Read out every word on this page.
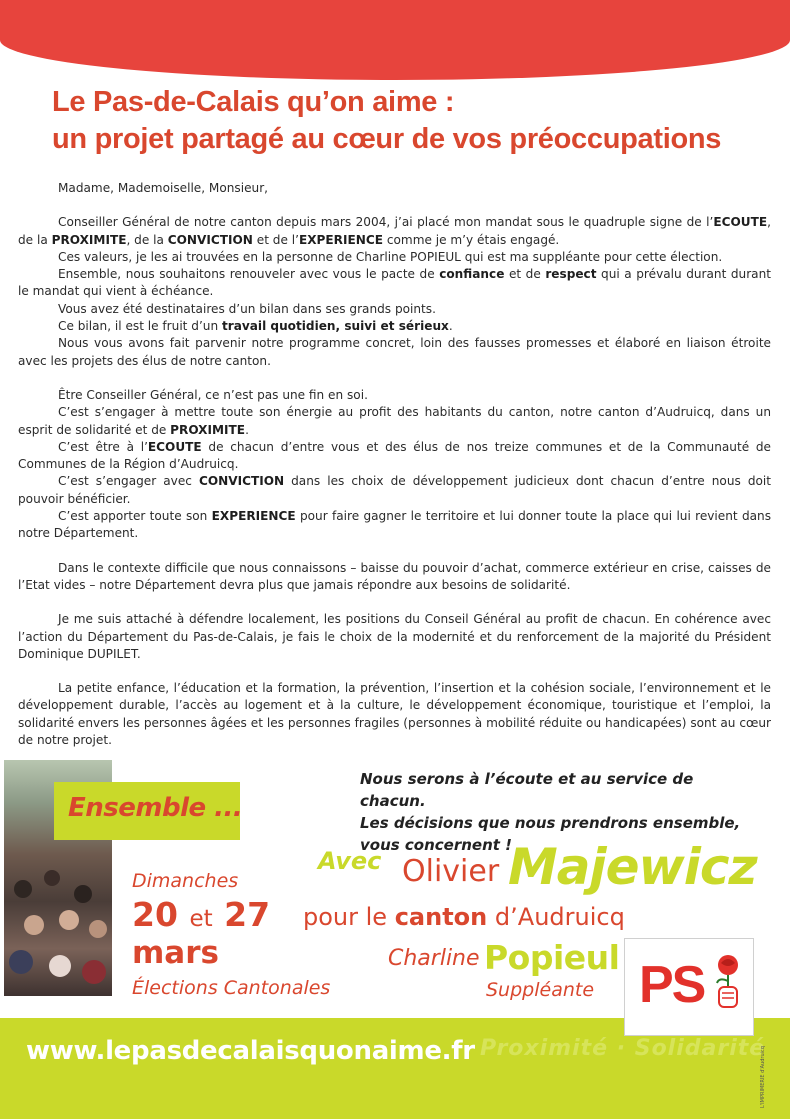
Le Pas-de-Calais qu’on aime :
un projet partagé au cœur de vos préoccupations

Madame, Mademoiselle, Monsieur,

Conseiller Général de notre canton depuis mars 2004, j’ai placé mon mandat sous le quadruple signe de l’ECOUTE, de la PROXIMITE, de la CONVICTION et de l’EXPERIENCE comme je m’y étais engagé.

Ces valeurs, je les ai trouvées en la personne de Charline POPIEUL qui est ma suppléante pour cette élection.

Ensemble, nous souhaitons renouveler avec vous le pacte de confiance et de respect qui a prévalu durant durant le mandat qui vient à échéance.

Vous avez été destinataires d’un bilan dans ses grands points.

Ce bilan, il est le fruit d’un travail quotidien, suivi et sérieux.

Nous vous avons fait parvenir notre programme concret, loin des fausses promesses et élaboré en liaison étroite avec les projets des élus de notre canton.

Être Conseiller Général, ce n’est pas une fin en soi.

C’est s’engager à mettre toute son énergie au profit des habitants du canton, notre canton d’Audruicq, dans un esprit de solidarité et de PROXIMITE.

C’est être à l’ECOUTE de chacun d’entre vous et des élus de nos treize communes et de la Communauté de Communes de la Région d’Audruicq.

C’est s’engager avec CONVICTION dans les choix de développement judicieux dont chacun d’entre nous doit pouvoir bénéficier.

C’est apporter toute son EXPERIENCE pour faire gagner le territoire et lui donner toute la place qui lui revient dans notre Département.

Dans le contexte difficile que nous connaissons – baisse du pouvoir d’achat, commerce extérieur en crise, caisses de l’Etat vides – notre Département devra plus que jamais répondre aux besoins de solidarité.

Je me suis attaché à défendre localement, les positions du Conseil Général au profit de chacun. En cohérence avec l’action du Département du Pas-de-Calais, je fais le choix de la modernité et du renforcement de la majorité du Président Dominique DUPILET.

La petite enfance, l’éducation et la formation, la prévention, l’insertion et la cohésion sociale, l’environnement et le développement durable, l’accès au logement et à la culture, le développement économique, touristique et l’emploi, la solidarité envers les personnes âgées et les personnes fragiles (personnes à mobilité réduite ou handicapées) sont au cœur de notre projet.

Ensemble ...
Nous serons à l’écoute et au service de chacun.
Les décisions que nous prendrons ensemble,
vous concernent !
Avec Olivier Majewicz
Dimanches
20 et 27
mars
Élections Cantonales
pour le canton d’Audruicq
Charline Popieul
Suppléante
Proximité · Solidarité
www.lepasdecalaisquonaime.fr
PS
L'IMPRIMERIE d'Audruicq
